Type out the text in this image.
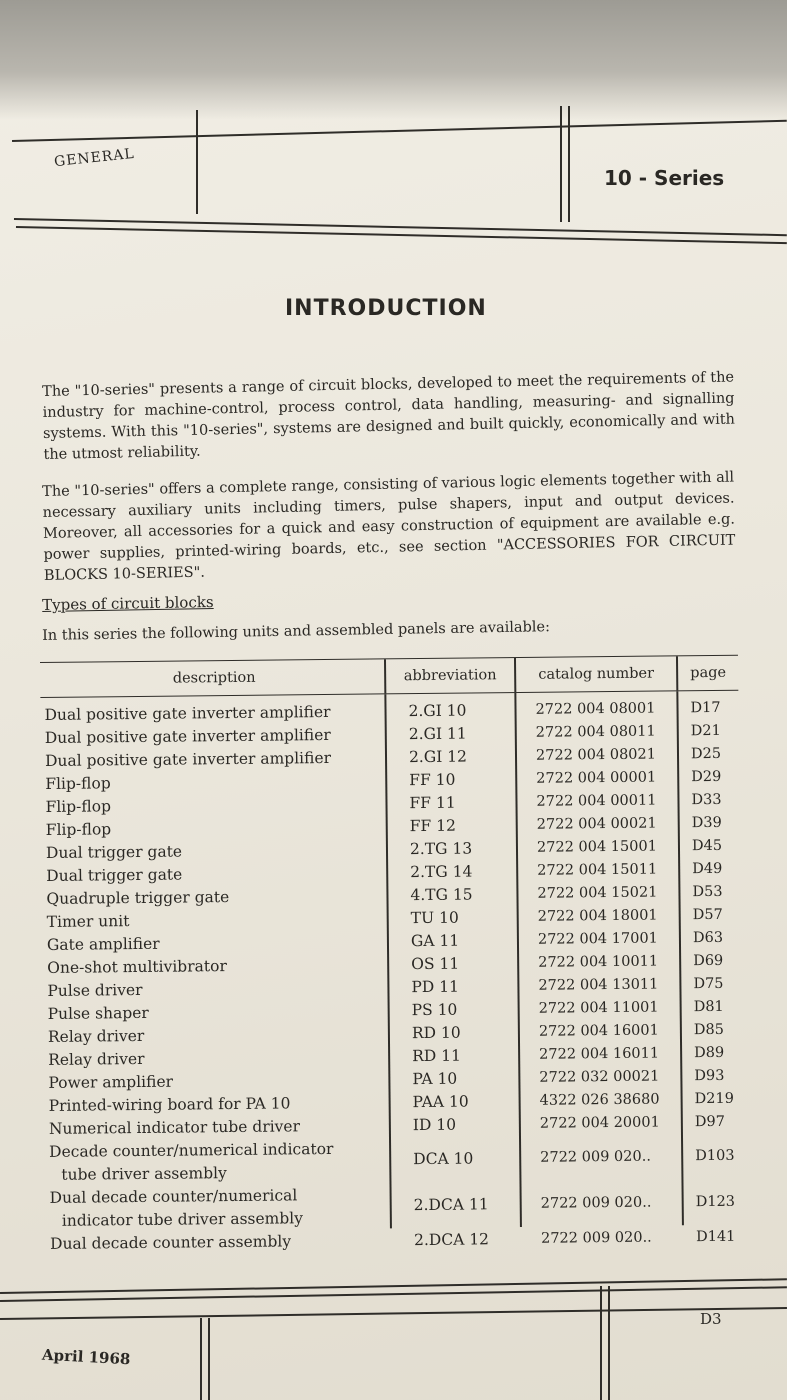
GENERAL
10 - Series
INTRODUCTION
The "10-series" presents a range of circuit blocks, developed to meet the requirements of the industry for machine-control, process control, data handling, measuring- and signalling systems. With this "10-series", systems are designed and built quickly, economically and with the utmost reliability.
The "10-series" offers a complete range, consisting of various logic elements together with all necessary auxiliary units including timers, pulse shapers, input and output devices. Moreover, all accessories for a quick and easy construction of equipment are available e.g. power supplies, printed-wiring boards, etc., see section "ACCESSORIES FOR CIRCUIT BLOCKS 10-SERIES".
Types of circuit blocks
In this series the following units and assembled panels are available:
description	abbreviation	catalog number	page
Dual positive gate inverter amplifier	2.GI 10	2722 004 08001	D17
Dual positive gate inverter amplifier	2.GI 11	2722 004 08011	D21
Dual positive gate inverter amplifier	2.GI 12	2722 004 08021	D25
Flip-flop	FF 10	2722 004 00001	D29
Flip-flop	FF 11	2722 004 00011	D33
Flip-flop	FF 12	2722 004 00021	D39
Dual trigger gate	2.TG 13	2722 004 15001	D45
Dual trigger gate	2.TG 14	2722 004 15011	D49
Quadruple trigger gate	4.TG 15	2722 004 15021	D53
Timer unit	TU 10	2722 004 18001	D57
Gate amplifier	GA 11	2722 004 17001	D63
One-shot multivibrator	OS 11	2722 004 10011	D69
Pulse driver	PD 11	2722 004 13011	D75
Pulse shaper	PS 10	2722 004 11001	D81
Relay driver	RD 10	2722 004 16001	D85
Relay driver	RD 11	2722 004 16011	D89
Power amplifier	PA 10	2722 032 00021	D93
Printed-wiring board for PA 10	PAA 10	4322 026 38680	D219
Numerical indicator tube driver	ID 10	2722 004 20001	D97
Decade counter/numerical indicator
tube driver assembly
DCA 10	2722 009 020..	D103
Dual decade counter/numerical
indicator tube driver assembly
2.DCA 11	2722 009 020..	D123
Dual decade counter assembly	2.DCA 12	2722 009 020..	D141
April 1968
D3
